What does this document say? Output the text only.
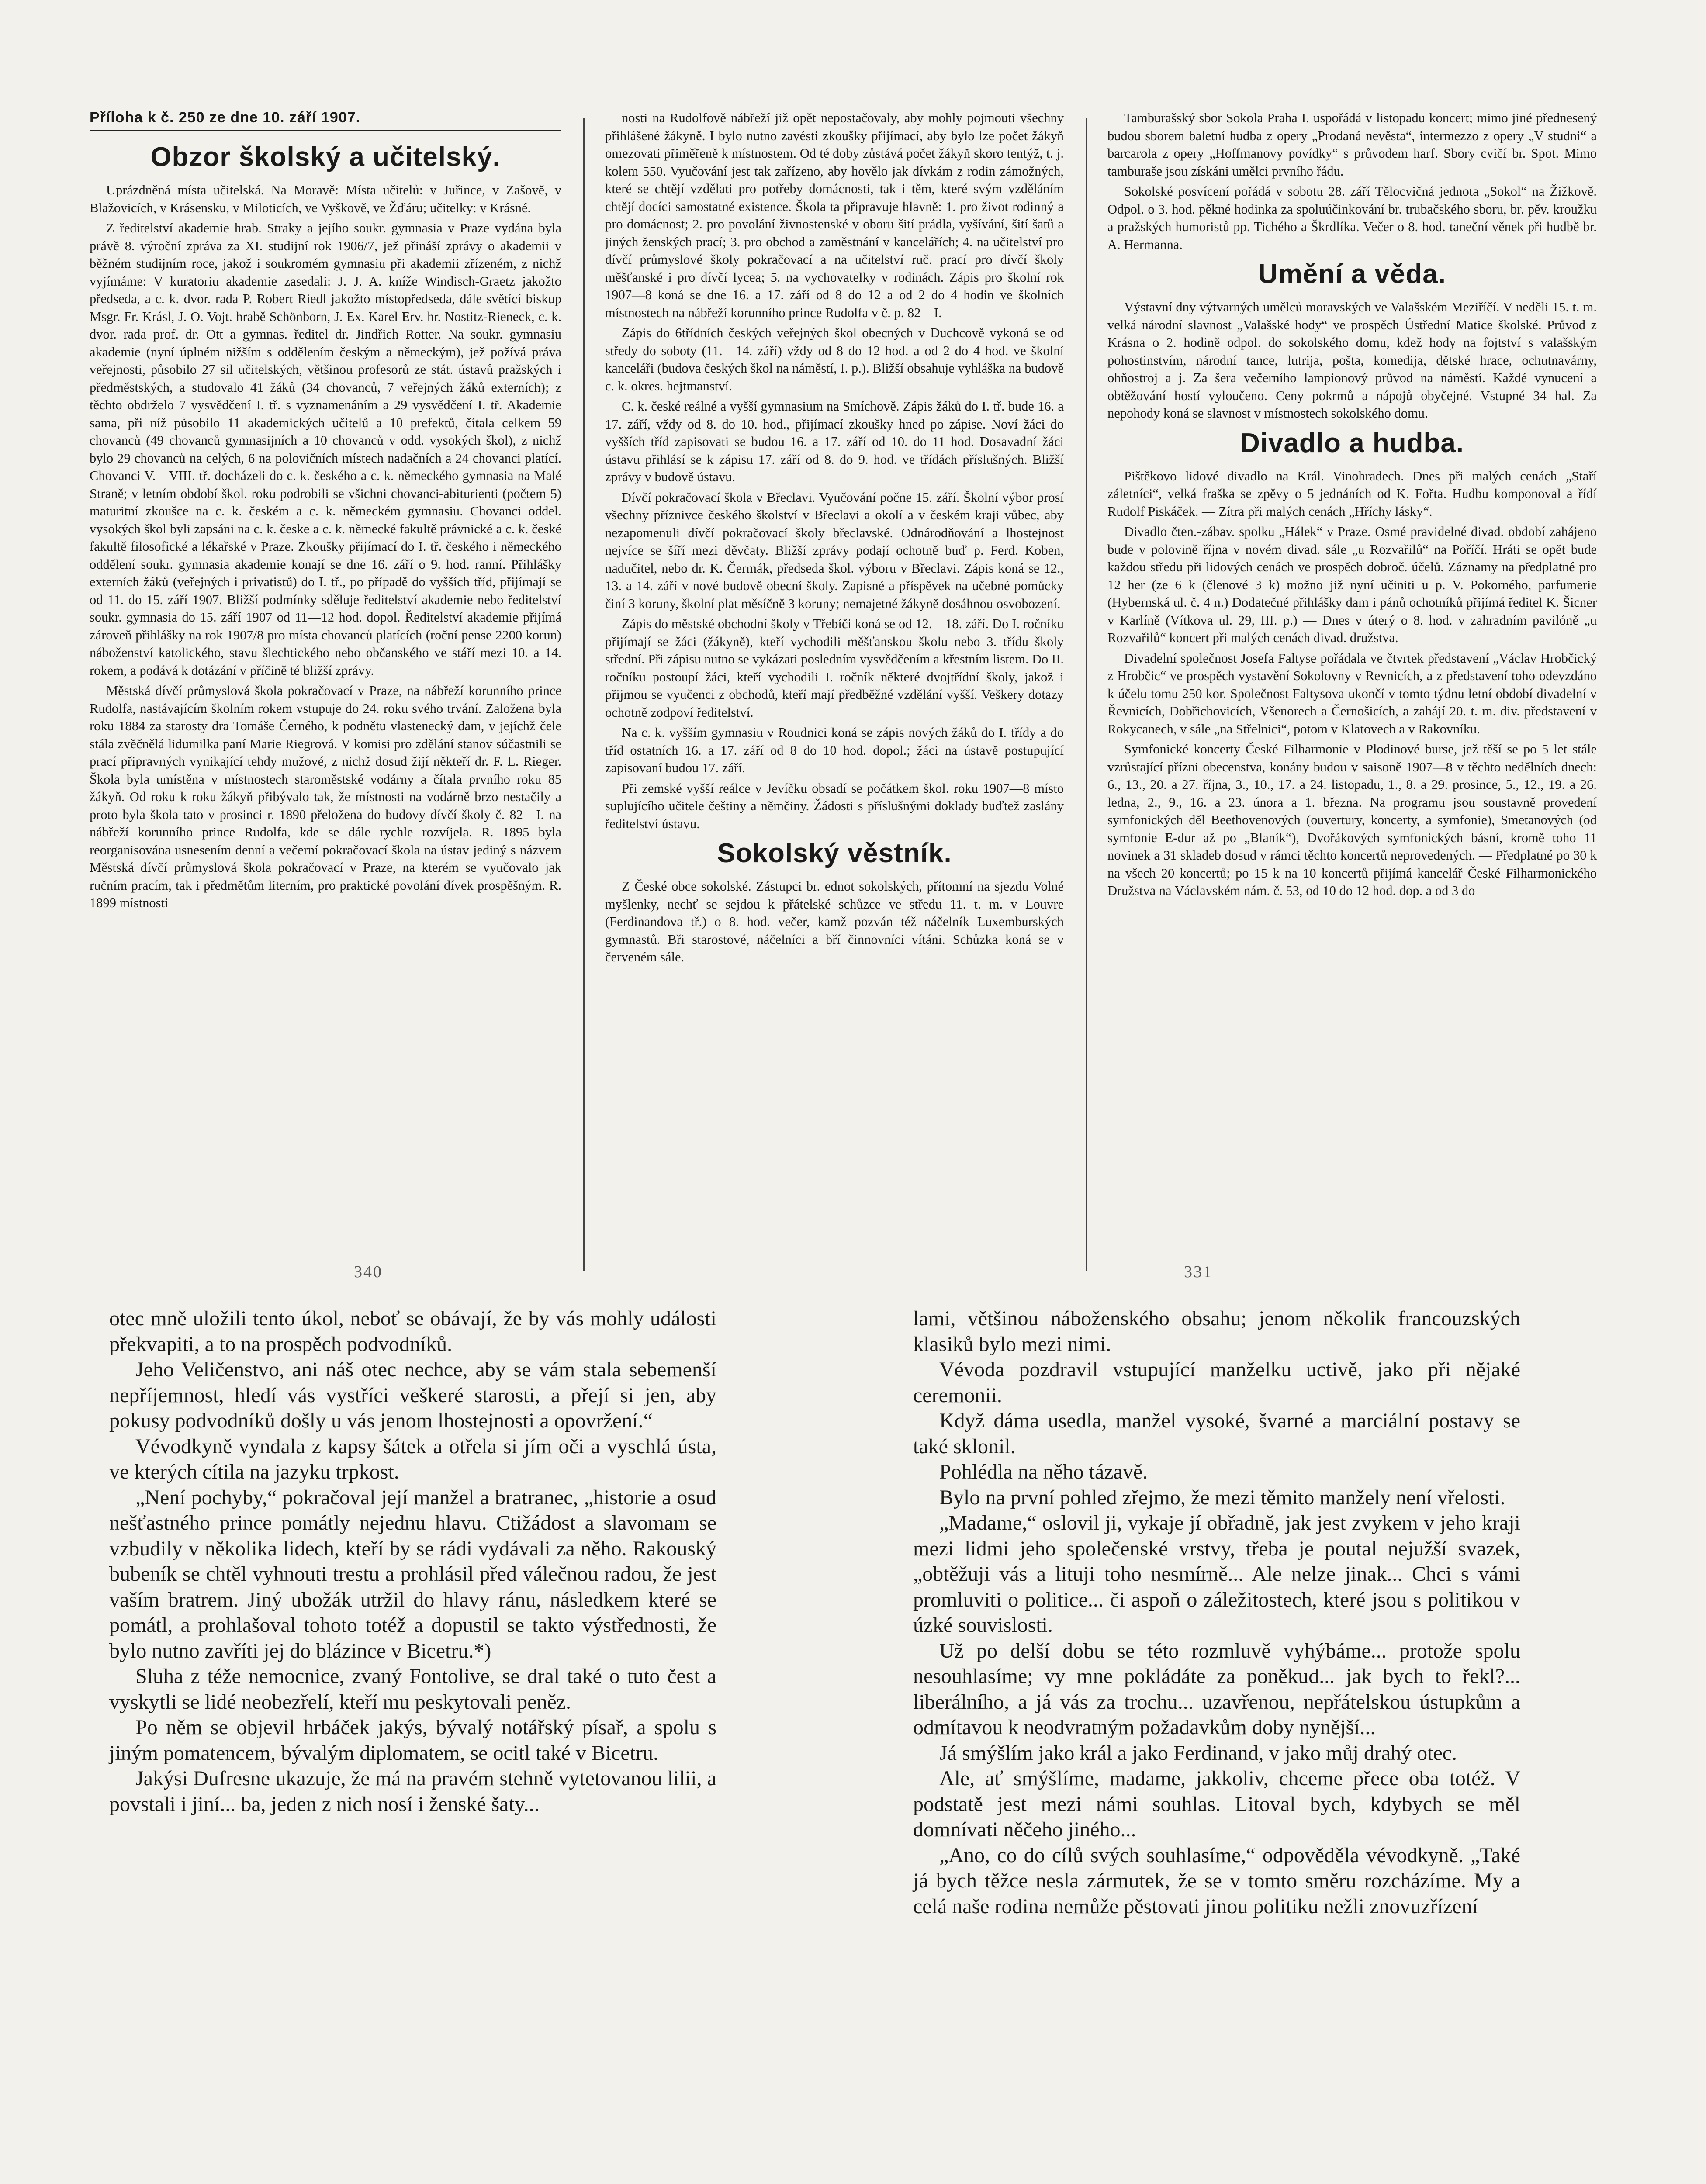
Příloha k č. 250 ze dne 10. září 1907.
Obzor školský a učitelský.

Uprázdněná místa učitelská. Na Moravě: Místa učitelů: v Juřince, v Zašově, v Blažovicích, v Krásensku, v Miloticích, ve Vyškově, ve Žďáru; učitelky: v Krásné.

Z ředitelství akademie hrab. Straky a jejího soukr. gymnasia v Praze vydána byla právě 8. výroční zpráva za XI. studijní rok 1906/7, jež přináší zprávy o akademii v běžném studijním roce, jakož i soukromém gymnasiu při akademii zřízeném, z nichž vyjímáme: V kuratoriu akademie zasedali: J. J. A. kníže Windisch-Graetz jakožto předseda, a c. k. dvor. rada P. Robert Riedl jakožto místopředseda, dále světící biskup Msgr. Fr. Krásl, J. O. Vojt. hrabě Schönborn, J. Ex. Karel Erv. hr. Nostitz-Rieneck, c. k. dvor. rada prof. dr. Ott a gymnas. ředitel dr. Jindřich Rotter. Na soukr. gymnasiu akademie (nyní úplném nižším s oddělením českým a německým), jež požívá práva veřejnosti, působilo 27 sil učitelských, většinou profesorů ze stát. ústavů pražských i předměstských, a studovalo 41 žáků (34 chovanců, 7 veřejných žáků externích); z těchto obdrželo 7 vysvědčení I. tř. s vyznamenáním a 29 vysvědčení I. tř. Akademie sama, při níž působilo 11 akademických učitelů a 10 prefektů, čítala celkem 59 chovanců (49 chovanců gymnasijních a 10 chovanců v odd. vysokých škol), z nichž bylo 29 chovanců na celých, 6 na polovičních místech nadačních a 24 chovanci platící. Chovanci V.—VIII. tř. docházeli do c. k. českého a c. k. německého gymnasia na Malé Straně; v letním období škol. roku podrobili se všichni chovanci-abiturienti (počtem 5) maturitní zkoušce na c. k. českém a c. k. německém gymnasiu. Chovanci oddel. vysokých škol byli zapsáni na c. k. česke a c. k. německé fakultě právnické a c. k. české fakultě filosofické a lékařské v Praze. Zkoušky přijímací do I. tř. českého i německého oddělení soukr. gymnasia akademie konají se dne 16. září o 9. hod. ranní. Přihlášky externích žáků (veřejných i privatistů) do I. tř., po případě do vyšších tříd, přijímají se od 11. do 15. září 1907. Bližší podmínky sděluje ředitelství akademie nebo ředitelství soukr. gymnasia do 15. září 1907 od 11—12 hod. dopol. Ředitelství akademie přijímá zároveň přihlášky na rok 1907/8 pro místa chovanců platících (roční pense 2200 korun) náboženství katolického, stavu šlechtického nebo občanského ve stáří mezi 10. a 14. rokem, a podává k dotázání v příčině té bližší zprávy.

Městská dívčí průmyslová škola pokračovací v Praze, na nábřeží korunního prince Rudolfa, nastávajícím školním rokem vstupuje do 24. roku svého trvání. Založena byla roku 1884 za starosty dra Tomáše Černého, k podnětu vlastenecký dam, v jejíchž čele stála zvěčnělá lidumilka paní Marie Riegrová. V komisi pro zdělání stanov súčastnili se prací připravných vynikající tehdy mužové, z nichž dosud žijí někteří dr. F. L. Rieger. Škola byla umístěna v místnostech staroměstské vodárny a čítala prvního roku 85 žákyň. Od roku k roku žákyň přibývalo tak, že místnosti na vodárně brzo nestačily a proto byla škola tato v prosinci r. 1890 přeložena do budovy dívčí školy č. 82—I. na nábřeží korunního prince Rudolfa, kde se dále rychle rozvíjela. R. 1895 byla reorganisována usnesením denní a večerní pokračovací škola na ústav jediný s názvem Městská dívčí průmyslová škola pokračovací v Praze, na kterém se vyučovalo jak ručním pracím, tak i předmětům literním, pro praktické povolání dívek prospěšným. R. 1899 místnosti

nosti na Rudolfově nábřeží již opět nepostačovaly, aby mohly pojmouti všechny přihlášené žákyně. I bylo nutno zavésti zkoušky přijímací, aby bylo lze počet žákyň omezovati přiměřeně k místnostem. Od té doby zůstává počet žákyň skoro tentýž, t. j. kolem 550. Vyučování jest tak zařízeno, aby hovělo jak dívkám z rodin zámožných, které se chtějí vzdělati pro potřeby domácnosti, tak i těm, které svým vzděláním chtějí docíci samostatné existence. Škola ta připravuje hlavně: 1. pro život rodinný a pro domácnost; 2. pro povolání živnostenské v oboru šití prádla, vyšívání, šití šatů a jiných ženských prací; 3. pro obchod a zaměstnání v kancelářích; 4. na učitelství pro dívčí průmyslové školy pokračovací a na učitelství ruč. prací pro dívčí školy měšťanské i pro dívčí lycea; 5. na vychovatelky v rodinách. Zápis pro školní rok 1907—8 koná se dne 16. a 17. září od 8 do 12 a od 2 do 4 hodin ve školních místnostech na nábřeží korunního prince Rudolfa v č. p. 82—I.

Zápis do 6třídních českých veřejných škol obecných v Duchcově vykoná se od středy do soboty (11.—14. září) vždy od 8 do 12 hod. a od 2 do 4 hod. ve školní kanceláři (budova českých škol na náměstí, I. p.). Bližší obsahuje vyhláška na budově c. k. okres. hejtmanství.

C. k. české reálné a vyšší gymnasium na Smíchově. Zápis žáků do I. tř. bude 16. a 17. září, vždy od 8. do 10. hod., přijímací zkoušky hned po zápise. Noví žáci do vyšších tříd zapisovati se budou 16. a 17. září od 10. do 11 hod. Dosavadní žáci ústavu přihlásí se k zápisu 17. září od 8. do 9. hod. ve třídách příslušných. Bližší zprávy v budově ústavu.

Dívčí pokračovací škola v Břeclavi. Vyučování počne 15. září. Školní výbor prosí všechny příznivce českého školství v Břeclavi a okolí a v českém kraji vůbec, aby nezapomenuli dívčí pokračovací školy břeclavské. Odnárodňování a lhostejnost nejvíce se šíří mezi děvčaty. Bližší zprávy podají ochotně buď p. Ferd. Koben, nadučitel, nebo dr. K. Čermák, předseda škol. výboru v Břeclavi. Zápis koná se 12., 13. a 14. září v nové budově obecní školy. Zapisné a příspěvek na učebné pomůcky činí 3 koruny, školní plat měsíčně 3 koruny; nemajetné žákyně dosáhnou osvobození.

Zápis do městské obchodní školy v Třebíči koná se od 12.—18. září. Do I. ročníku přijímají se žáci (žákyně), kteří vychodili měšťanskou školu nebo 3. třídu školy střední. Při zápisu nutno se vykázati posledním vysvědčením a křestním listem. Do II. ročníku postoupí žáci, kteří vychodili I. ročník některé dvojtřídní školy, jakož i přijmou se vyučenci z obchodů, kteří mají předběžné vzdělání vyšší. Veškery dotazy ochotně zodpoví ředitelství.

Na c. k. vyšším gymnasiu v Roudnici koná se zápis nových žáků do I. třídy a do tříd ostatních 16. a 17. září od 8 do 10 hod. dopol.; žáci na ústavě postupující zapisovaní budou 17. září.

Při zemské vyšší reálce v Jevíčku obsadí se počátkem škol. roku 1907—8 místo suplujícího učitele češtiny a němčiny. Žádosti s příslušnými doklady buďtež zaslány ředitelství ústavu.

Sokolský věstník.

Z České obce sokolské. Zástupci br. ednot sokolských, přítomní na sjezdu Volné myšlenky, nechť se sejdou k přátelské schůzce ve středu 11. t. m. v Louvre (Ferdinandova tř.) o 8. hod. večer, kamž pozván též náčelník Luxemburských gymnastů. Bři starostové, náčelníci a bří činnovníci vítáni. Schůzka koná se v červeném sále.

Tamburašský sbor Sokola Praha I. uspořádá v listopadu koncert; mimo jiné přednesený budou sborem baletní hudba z opery „Prodaná nevěsta“, intermezzo z opery „V studni“ a barcarola z opery „Hoffmanovy povídky“ s průvodem harf. Sbory cvičí br. Spot. Mimo tamburaše jsou získáni umělci prvního řádu.

Sokolské posvícení pořádá v sobotu 28. září Tělocvičná jednota „Sokol“ na Žižkově. Odpol. o 3. hod. pěkné hodinka za spoluúčinkování br. trubačského sboru, br. pěv. kroužku a pražských humoristů pp. Tichého a Škrdlíka. Večer o 8. hod. taneční věnek při hudbě br. A. Hermanna.

Umění a věda.

Výstavní dny výtvarných umělců moravských ve Valašském Meziříčí. V neděli 15. t. m. velká národní slavnost „Valašské hody“ ve prospěch Ústřední Matice školské. Průvod z Krásna o 2. hodině odpol. do sokolského domu, kdež hody na fojtství s valašským pohostinstvím, národní tance, lutrija, pošta, komedija, dětské hrace, ochutnavárny, ohňostroj a j. Za šera večerního lampionový průvod na náměstí. Každé vynucení a obtěžování hostí vyloučeno. Ceny pokrmů a nápojů obyčejné. Vstupné 34 hal. Za nepohody koná se slavnost v místnostech sokolského domu.

Divadlo a hudba.

Pištěkovo lidové divadlo na Král. Vinohradech. Dnes při malých cenách „Staří záletníci“, velká fraška se zpěvy o 5 jednáních od K. Fořta. Hudbu komponoval a řídí Rudolf Piskáček. — Zítra při malých cenách „Hříchy lásky“.

Divadlo čten.-zábav. spolku „Hálek“ v Praze. Osmé pravidelné divad. období zahájeno bude v polovině října v novém divad. sále „u Rozvařilů“ na Poříčí. Hráti se opět bude každou středu při lidových cenách ve prospěch dobroč. účelů. Záznamy na předplatné pro 12 her (ze 6 k (členové 3 k) možno již nyní učiniti u p. V. Pokorného, parfumerie (Hybernská ul. č. 4 n.) Dodatečné přihlášky dam i pánů ochotníků přijímá ředitel K. Šicner v Karlíně (Vítkova ul. 29, III. p.) — Dnes v úterý o 8. hod. v zahradním pavilóně „u Rozvařilů“ koncert při malých cenách divad. družstva.

Divadelní společnost Josefa Faltyse pořádala ve čtvrtek představení „Václav Hrobčický z Hrobčic“ ve prospěch vystavění Sokolovny v Revnicích, a z představení toho odevzdáno k účelu tomu 250 kor. Společnost Faltysova ukončí v tomto týdnu letní období divadelní v Řevnicích, Dobřichovicích, Všenorech a Černošicích, a zahájí 20. t. m. div. představení v Rokycanech, v sále „na Střelnici“, potom v Klatovech a v Rakovníku.

Symfonické koncerty České Filharmonie v Plodinové burse, jež těší se po 5 let stále vzrůstající přízni obecenstva, konány budou v saisoně 1907—8 v těchto nedělních dnech: 6., 13., 20. a 27. října, 3., 10., 17. a 24. listopadu, 1., 8. a 29. prosince, 5., 12., 19. a 26. ledna, 2., 9., 16. a 23. února a 1. března. Na programu jsou soustavně provedení symfonických děl Beethovenových (ouvertury, koncerty, a symfonie), Smetanových (od symfonie E-dur až po „Blaník“), Dvořákových symfonických básní, kromě toho 11 novinek a 31 skladeb dosud v rámci těchto koncertů neprovedených. — Předplatné po 30 k na všech 20 koncertů; po 15 k na 10 koncertů přijímá kancelář České Filharmonického Družstva na Václavském nám. č. 53, od 10 do 12 hod. dop. a od 3 do

340	331

otec mně uložili tento úkol, neboť se obávají, že by vás mohly události překvapiti, a to na prospěch podvodníků.

Jeho Veličenstvo, ani náš otec nechce, aby se vám stala sebemenší nepříjemnost, hledí vás vystříci veškeré starosti, a přejí si jen, aby pokusy podvodníků došly u vás jenom lhostejnosti a opovržení.“

Vévodkyně vyndala z kapsy šátek a otřela si jím oči a vyschlá ústa, ve kterých cítila na jazyku trpkost.

„Není pochyby,“ pokračoval její manžel a bratranec, „historie a osud nešťastného prince pomátly nejednu hlavu. Ctižádost a slavomam se vzbudily v několika lidech, kteří by se rádi vydávali za něho. Rakouský bubeník se chtěl vyhnouti trestu a prohlásil před válečnou radou, že jest vaším bratrem. Jiný ubožák utržil do hlavy ránu, následkem které se pomátl, a prohlašoval tohoto totéž a dopustil se takto výstřednosti, že bylo nutno zavříti jej do blázince v Bicetru.*)

Sluha z téže nemocnice, zvaný Fontolive, se dral také o tuto čest a vyskytli se lidé neobezřelí, kteří mu peskytovali peněz.

Po něm se objevil hrbáček jakýs, bývalý notářský písař, a spolu s jiným pomatencem, bývalým diplomatem, se ocitl také v Bicetru.

Jakýsi Dufresne ukazuje, že má na pravém stehně vytetovanou lilii, a povstali i jiní... ba, jeden z nich nosí i ženské šaty...

lami, většinou náboženského obsahu; jenom několik francouzských klasiků bylo mezi nimi.

Vévoda pozdravil vstupující manželku uctivě, jako při nějaké ceremonii.

Když dáma usedla, manžel vysoké, švarné a marciální postavy se také sklonil.

Pohlédla na něho tázavě.

Bylo na první pohled zřejmo, že mezi těmito manžely není vřelosti.

„Madame,“ oslovil ji, vykaje jí obřadně, jak jest zvykem v jeho kraji mezi lidmi jeho společenské vrstvy, třeba je poutal nejužší svazek, „obtěžuji vás a lituji toho nesmírně... Ale nelze jinak... Chci s vámi promluviti o politice... či aspoň o záležitostech, které jsou s politikou v úzké souvislosti.

Už po delší dobu se této rozmluvě vyhýbáme... protože spolu nesouhlasíme; vy mne pokládáte za poněkud... jak bych to řekl?... liberálního, a já vás za trochu... uzavřenou, nepřátelskou ústupkům a odmítavou k neodvratným požadavkům doby nynější...

Já smýšlím jako král a jako Ferdinand, v jako můj drahý otec.

Ale, ať smýšlíme, madame, jakkoliv, chceme přece oba totéž. V podstatě jest mezi námi souhlas. Litoval bych, kdybych se měl domnívati něčeho jiného...

„Ano, co do cílů svých souhlasíme,“ odpověděla vévodkyně. „Také já bych těžce nesla zármutek, že se v tomto směru rozcházíme. My a celá naše rodina nemůže pěstovati jinou politiku nežli znovuzřízení
